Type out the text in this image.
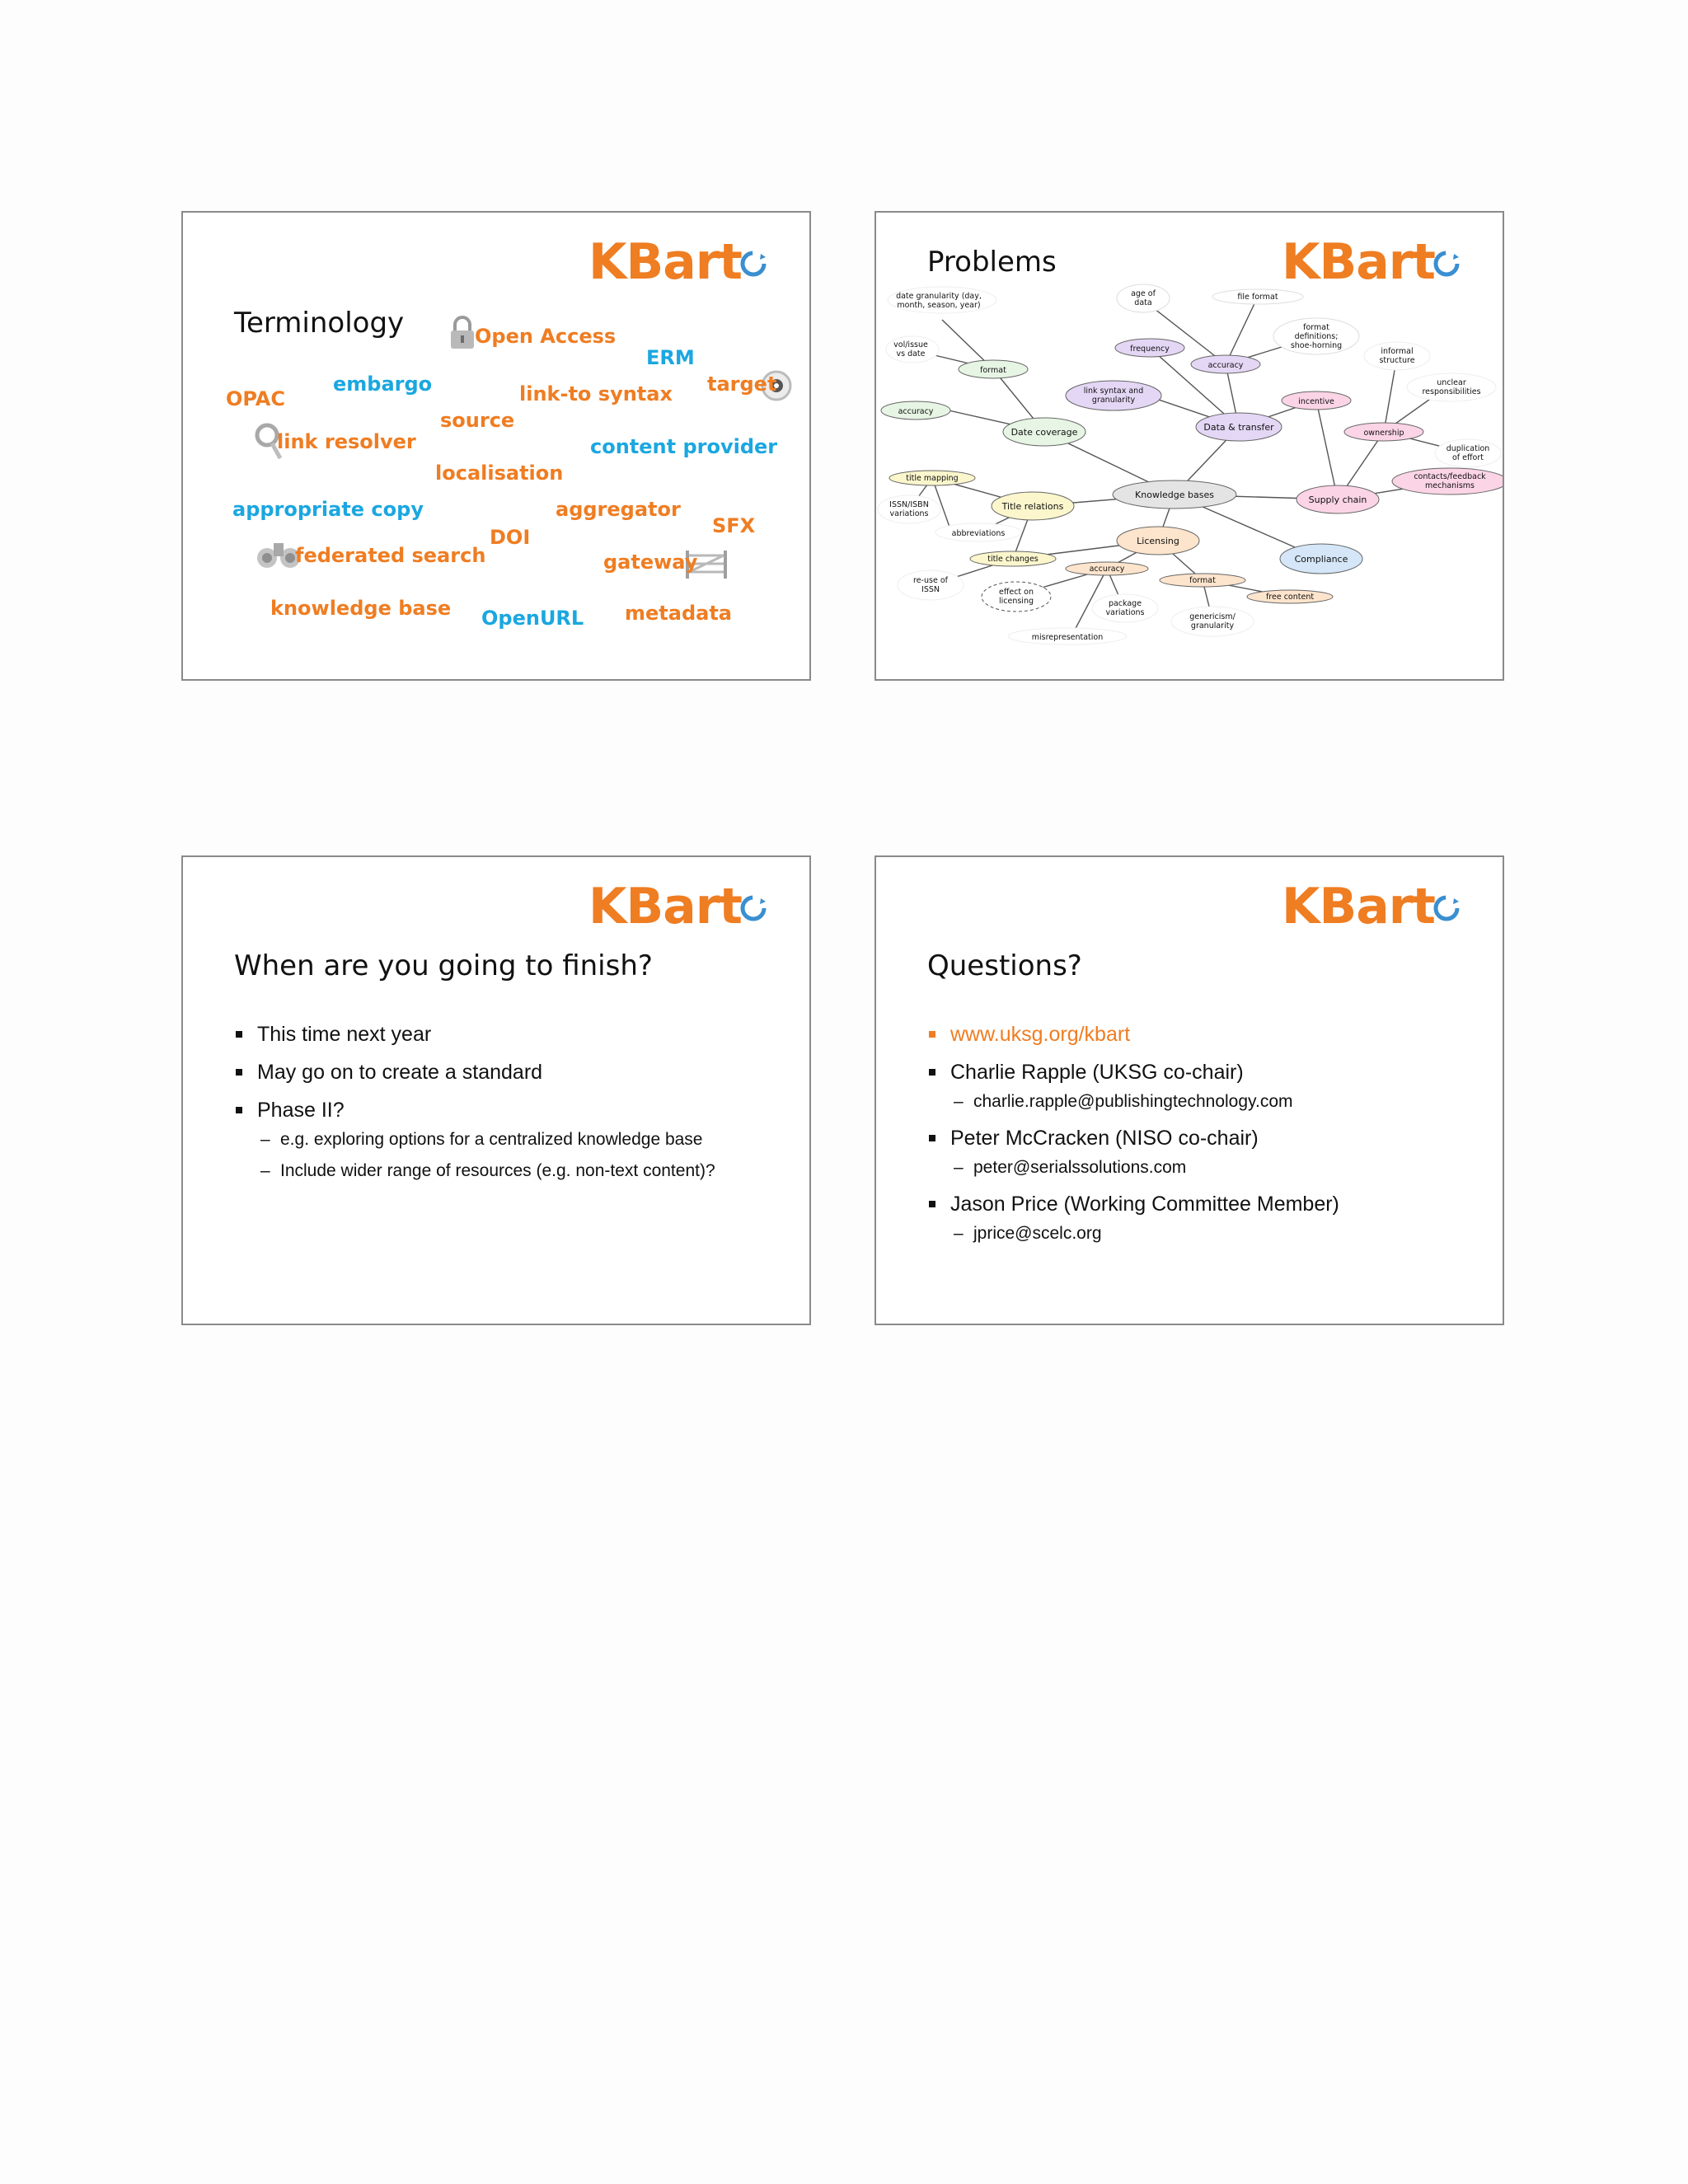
KBart
Terminology	Open Access
ERM
embargo	target
OPAC	link-to syntax
source
link resolver	content provider
localisation
appropriate copy	aggregator
SFX
DOI
federated search	gateway
knowledge base OpenURL metadata
KBart
Problems
Knowledge bases
Date coverage	Data & transfer
Supply chain
Title relations
Licensing
Compliance
date granularity (day,
month, season, year)
vol/issue
vs date
format
accuracy
age of
data
file format
frequency
accuracy
format
definitions;
shoe-horning
link syntax and
granularity	incentive
informal
structure
unclear
responsibilities
ownership
duplication
of effort
contacts/feedback
mechanisms
title mapping
ISSN/ISBN
variations
abbreviations
title changes
re-use of
ISSN	effect on
licensing
accuracy
package
variations
format
free content
genericism/
granularity
misrepresentation
KBart
When are you going to finish?
This time next year
May go on to create a standard
Phase II?
– e.g. exploring options for a centralized knowledge base
– Include wider range of resources (e.g. non-text content)?
KBart
Questions?
www.uksg.org/kbart
Charlie Rapple (UKSG co-chair)
– charlie.rapple@publishingtechnology.com
Peter McCracken (NISO co-chair)
– peter@serialssolutions.com
Jason Price (Working Committee Member)
– jprice@scelc.org
